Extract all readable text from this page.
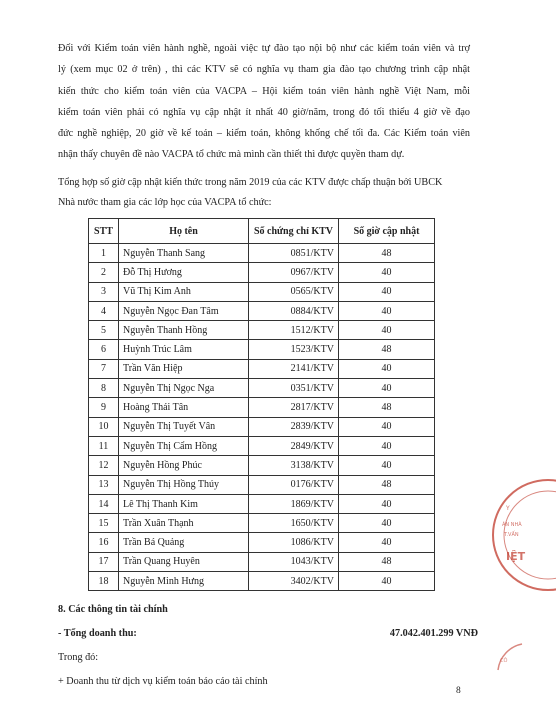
Đối với Kiểm toán viên hành nghề, ngoài việc tự đào tạo nội bộ như các kiểm toán viên và trợ
lý (xem mục 02 ở trên) , thì các KTV sẽ có nghĩa vụ tham gia đào tạo chương trình cập nhật
kiến thức cho kiểm toán viên của VACPA – Hội kiểm toán viên hành nghề Việt Nam, mỗi
kiểm toán viên phải có nghĩa vụ cập nhật ít nhất 40 giờ/năm, trong đó tối thiểu 4 giờ về đạo
đức nghề nghiệp, 20 giờ về kế toán – kiểm toán, không khống chế tối đa. Các Kiểm toán viên
nhận thấy chuyên đề nào VACPA tổ chức mà mình cần thiết thì được quyền tham dự.
Tổng hợp số giờ cập nhật kiến thức trong năm 2019 của các KTV được chấp thuận bởi UBCK
Nhà nước tham gia các lớp học của VACPA tổ chức:
STT	Họ tên	Số chứng chỉ KTV	Số giờ cập nhật
1	Nguyễn Thanh Sang	0851/KTV	48
2	Đỗ Thị Hương	0967/KTV	40
3	Vũ Thị Kim Anh	0565/KTV	40
4	Nguyễn Ngọc Đan Tâm	0884/KTV	40
5	Nguyễn Thanh Hồng	1512/KTV	40
6	Huỳnh Trúc Lâm	1523/KTV	48
7	Trần Văn Hiệp	2141/KTV	40
8	Nguyễn Thị Ngọc Nga	0351/KTV	40
9	Hoàng Thái Tân	2817/KTV	48
10	Nguyễn Thị Tuyết Vân	2839/KTV	40
11	Nguyễn Thị Cẩm Hồng	2849/KTV	40
12	Nguyễn Hồng Phúc	3138/KTV	40
13	Nguyễn Thị Hồng Thúy	0176/KTV	48
14	Lê Thị Thanh Kim	1869/KTV	40
15	Trần Xuân Thạnh	1650/KTV	40
16	Trần Bá Quảng	1086/KTV	40
17	Trần Quang Huyên	1043/KTV	48
18	Nguyễn Minh Hưng	3402/KTV	40
8. Các thông tin tài chính
- Tổng doanh thu:	47.042.401.299 VNĐ
Trong đó:
+ Doanh thu từ dịch vụ kiểm toán báo cáo tài chính
8
Y
ÁN NHÀ
T.VẤN
IỆT
CÔ
